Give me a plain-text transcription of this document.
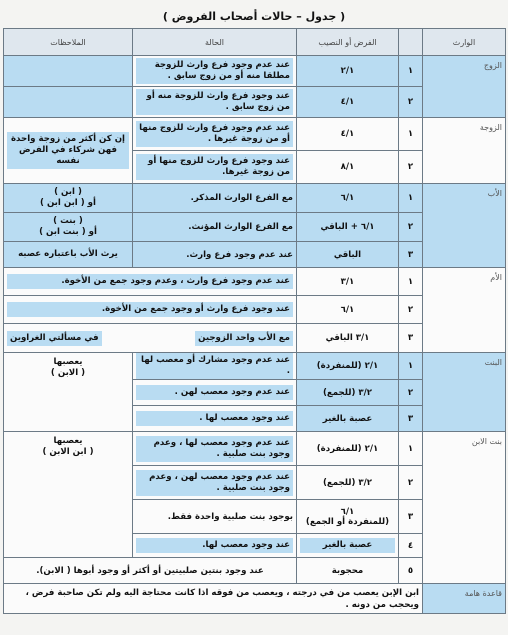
( جدول – حالات أصحاب الفروض )
الوارث		الفرض أو النصيب	الحالة	الملاحظات
الزوج	١	٢/١	عند عدم وجود فرع وارث للزوجة مطلقا منه أو من زوج سابق .	

	٢	٤/١	عند وجود فرع وارث للزوجة منه أو من زوج سابق .	

الزوجة	١	٤/١	عند عدم وجود فرع وارث للزوج منها أو من زوجة غيرها .	إن كن أكثر من زوجة واحدة فهن شركاء في الفرض نفسه

	٢	٨/١	عند وجود فرع وارث للزوج منها أو من زوجة غيرها.	

الأب	١	٦/١	مع الفرع الوارث المذكر.	( ابن )
أو ( ابن ابن )

	٢	٦/١ + الباقي	مع الفرع الوارث المؤنث.	( بنت )
أو ( بنت ابن )

	٣	الباقي	عند عدم وجود فرع وارث.	يرث الأب باعتباره عصبه
الأم	١	٣/١	عند عدم وجود فرع وارث ، وعدم وجود جمع من الأخوة.	

	٢	٦/١	عند وجود فرع وارث أو وجود جمع من الأخوة.	

	٣	٣/١ الباقي	مع الأب واحد الزوجين
في مسألتي الغراوين	

البنت	١	٢/١ (للمنفردة)	عند عدم وجود مشارك أو معصب لها .	يعصبها
( الابن )

	٢	٣/٢ (للجمع)	عند عدم وجود معصب لهن .	

	٣	عصبة بالغير	عند وجود معصب لها .	

بنت الابن	١	٢/١ (للمنفردة)	عند عدم وجود معصب لها ، وعدم وجود بنت صلبية .	يعصبها
( ابن الابن )

	٢	٣/٢ (للجمع)	عند عدم وجود معصب لهن ، وعدم وجود بنت صلبية .	

	٣	٦/١
(للمنفردة أو الجمع)	بوجود بنت صلبية واحدة فقط.	
	٤	عصبة بالغير	عند وجود معصب لها.	

	٥	محجوبة	عند وجود بنتين صلبيتين أو أكثر أو وجود أبوها ( الابن).	
قاعدة هامة	ابن الإبن يعصب من في درجته ، ويعصب من فوقه اذا كانت محتاجة اليه ولم تكن صاحبة فرض ، ويحجب من دونه .			
